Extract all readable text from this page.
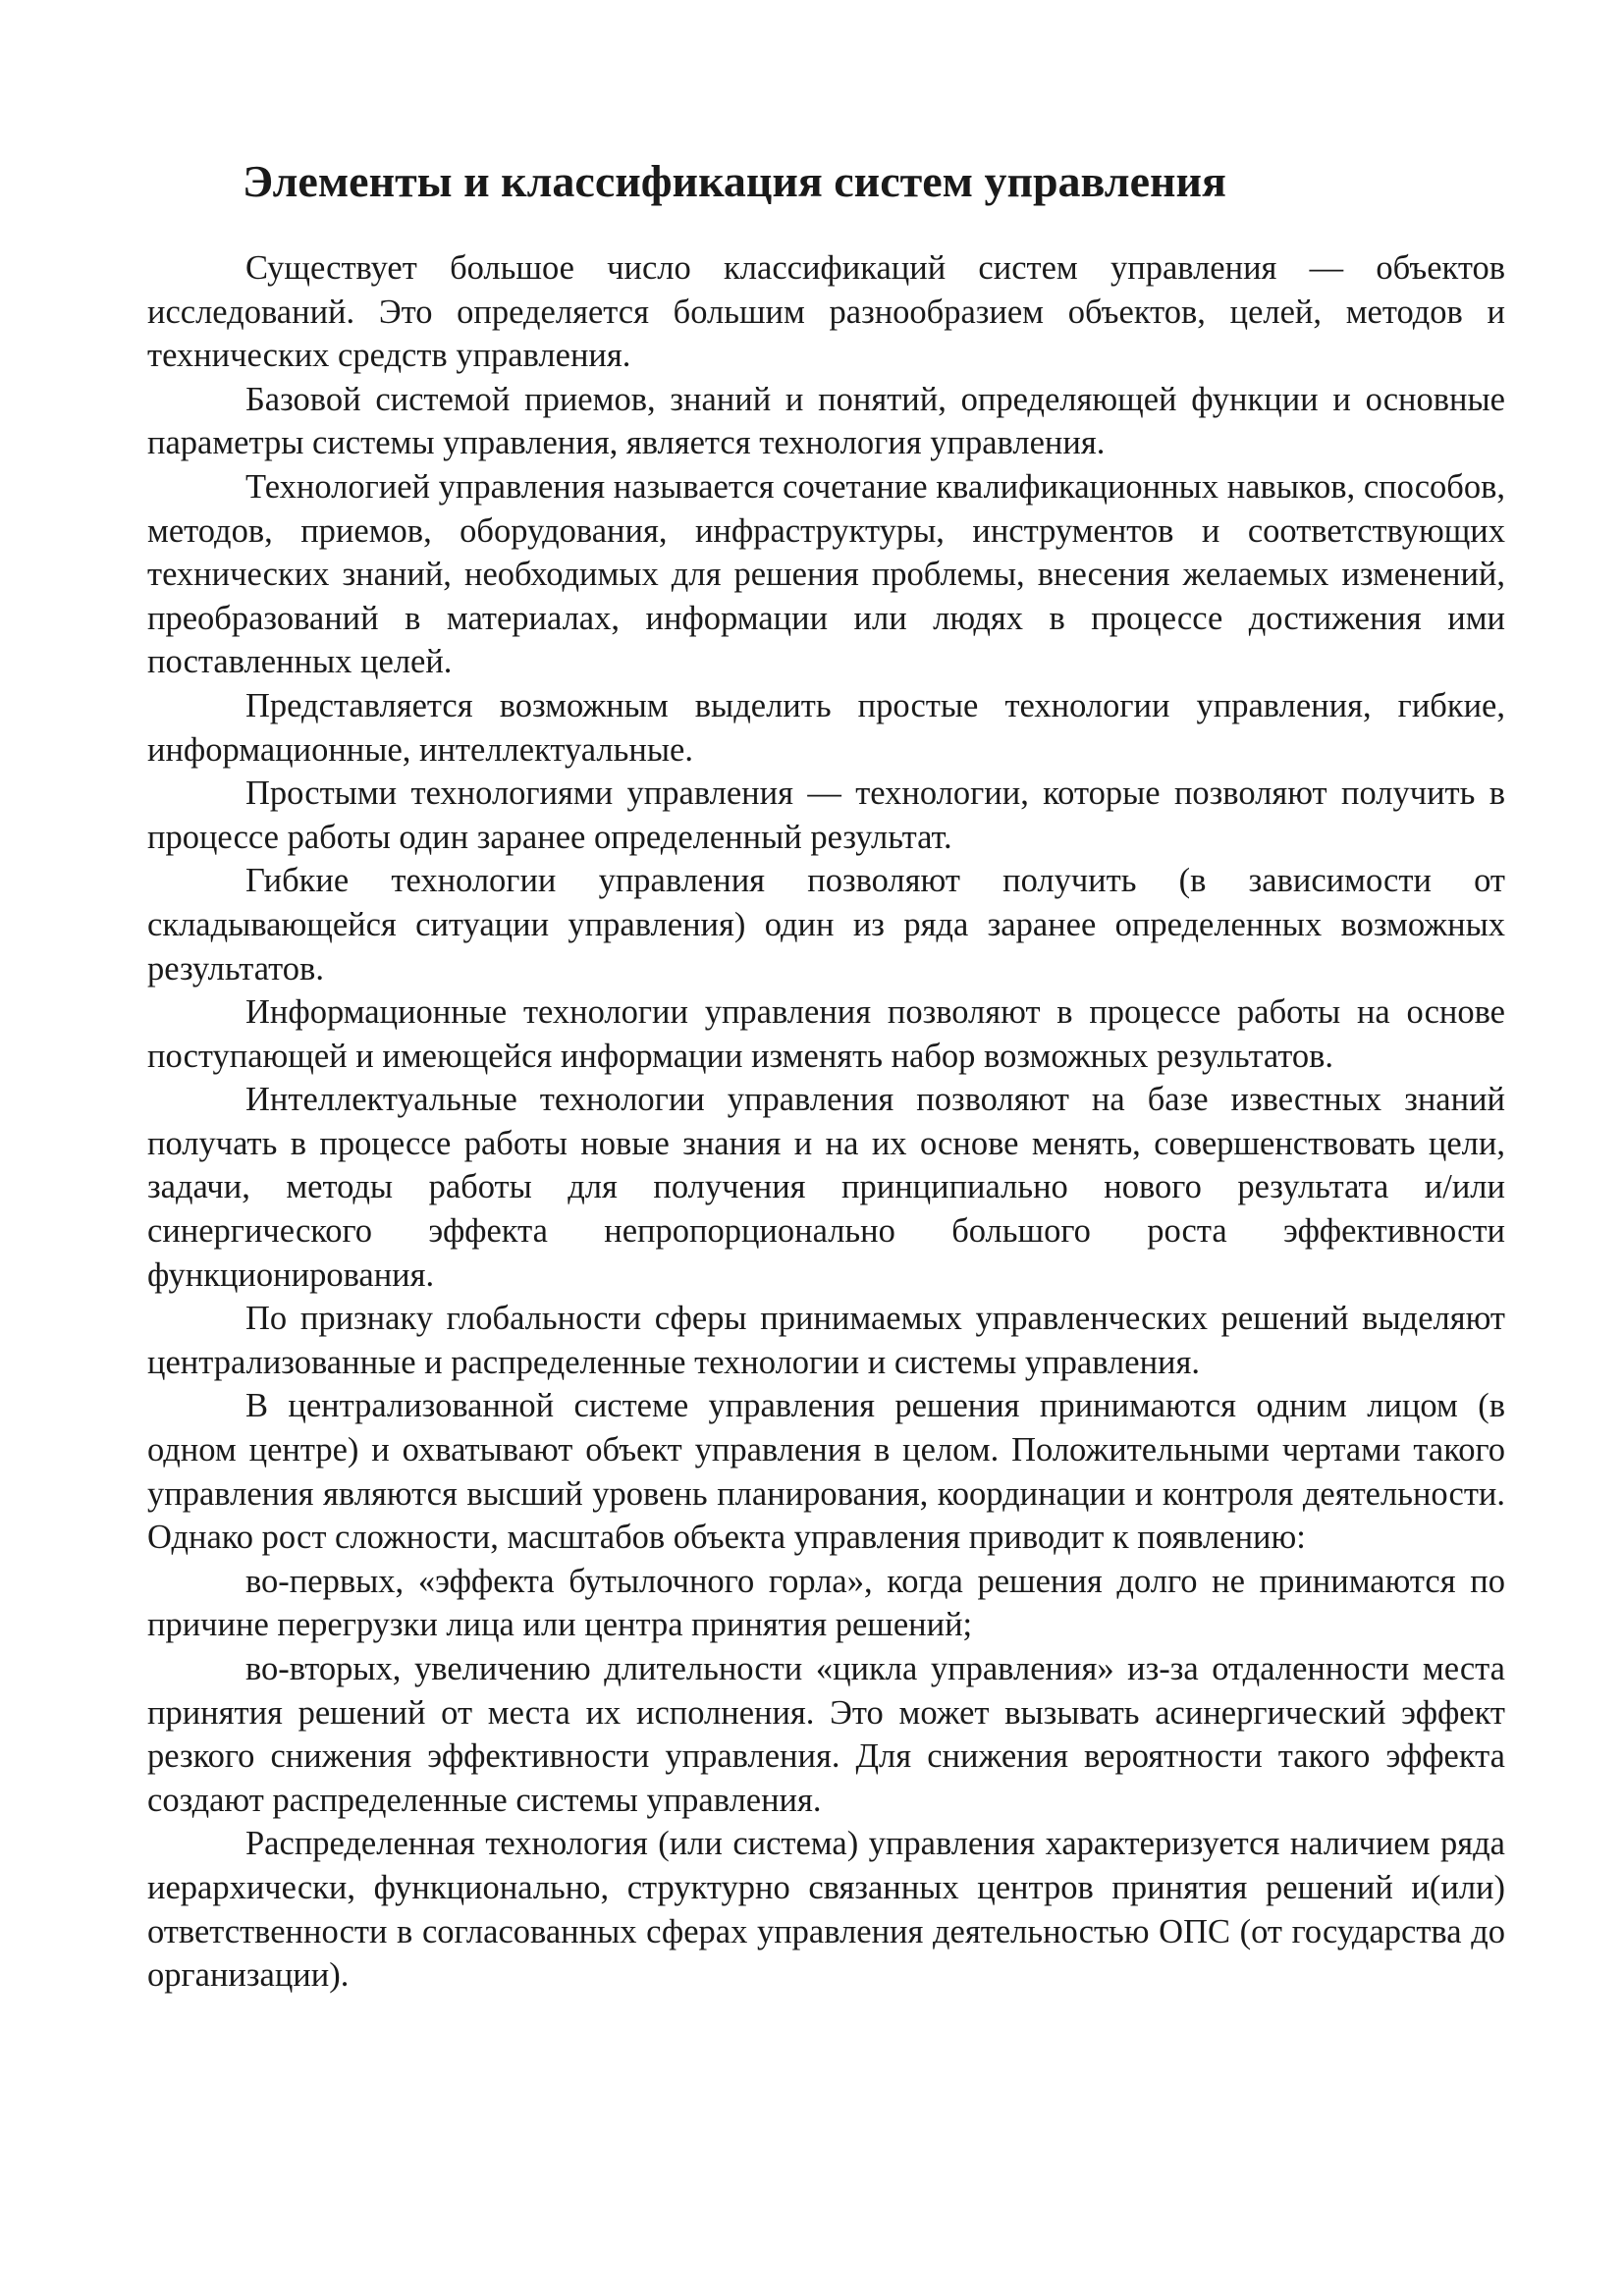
Элементы и классификация систем управления

Существует большое число классификаций систем управления — объектов исследований. Это определяется большим разнообразием объектов, целей, методов и технических средств управления.

Базовой системой приемов, знаний и понятий, определяющей функции и основные параметры системы управления, является технология управления.

Технологией управления называется сочетание квалификационных навыков, способов, методов, приемов, оборудования, инфраструктуры, инструментов и соответствующих технических знаний, необходимых для решения проблемы, внесения желаемых изменений, преобразований в материалах, информации или людях в процессе достижения ими поставленных целей.

Представляется возможным выделить простые технологии управления, гибкие, информационные, интеллектуальные.

Простыми технологиями управления — технологии, которые позволяют получить в процессе работы один заранее определенный результат.

Гибкие технологии управления позволяют получить (в зависимости от складывающейся ситуации управления) один из ряда заранее определенных возможных результатов.

Информационные технологии управления позволяют в процессе работы на основе поступающей и имеющейся информации изменять набор возможных результатов.

Интеллектуальные технологии управления позволяют на базе известных знаний получать в процессе работы новые знания и на их основе менять, совершенствовать цели, задачи, методы работы для получения принципиально нового результата и/или синергического эффекта непропорционально большого роста эффективности функционирования.

По признаку глобальности сферы принимаемых управленческих решений выделяют централизованные и распределенные технологии и системы управления.

В централизованной системе управления решения принимаются одним лицом (в одном центре) и охватывают объект управления в целом. Положительными чертами такого управления являются высший уровень планирования, координации и контроля деятельности. Однако рост сложности, масштабов объекта управления приводит к появлению:

во-первых, «эффекта бутылочного горла», когда решения долго не принимаются по причине перегрузки лица или центра принятия решений;

во-вторых, увеличению длительности «цикла управления» из-за отдаленности места принятия решений от места их исполнения. Это может вызывать асинергический эффект резкого снижения эффективности управления. Для снижения вероятности такого эффекта создают распределенные системы управления.

Распределенная технология (или система) управления характеризуется наличием ряда иерархически, функционально, структурно связанных центров принятия решений и(или) ответственности в согласованных сферах управления деятельностью ОПС (от государства до организации).
